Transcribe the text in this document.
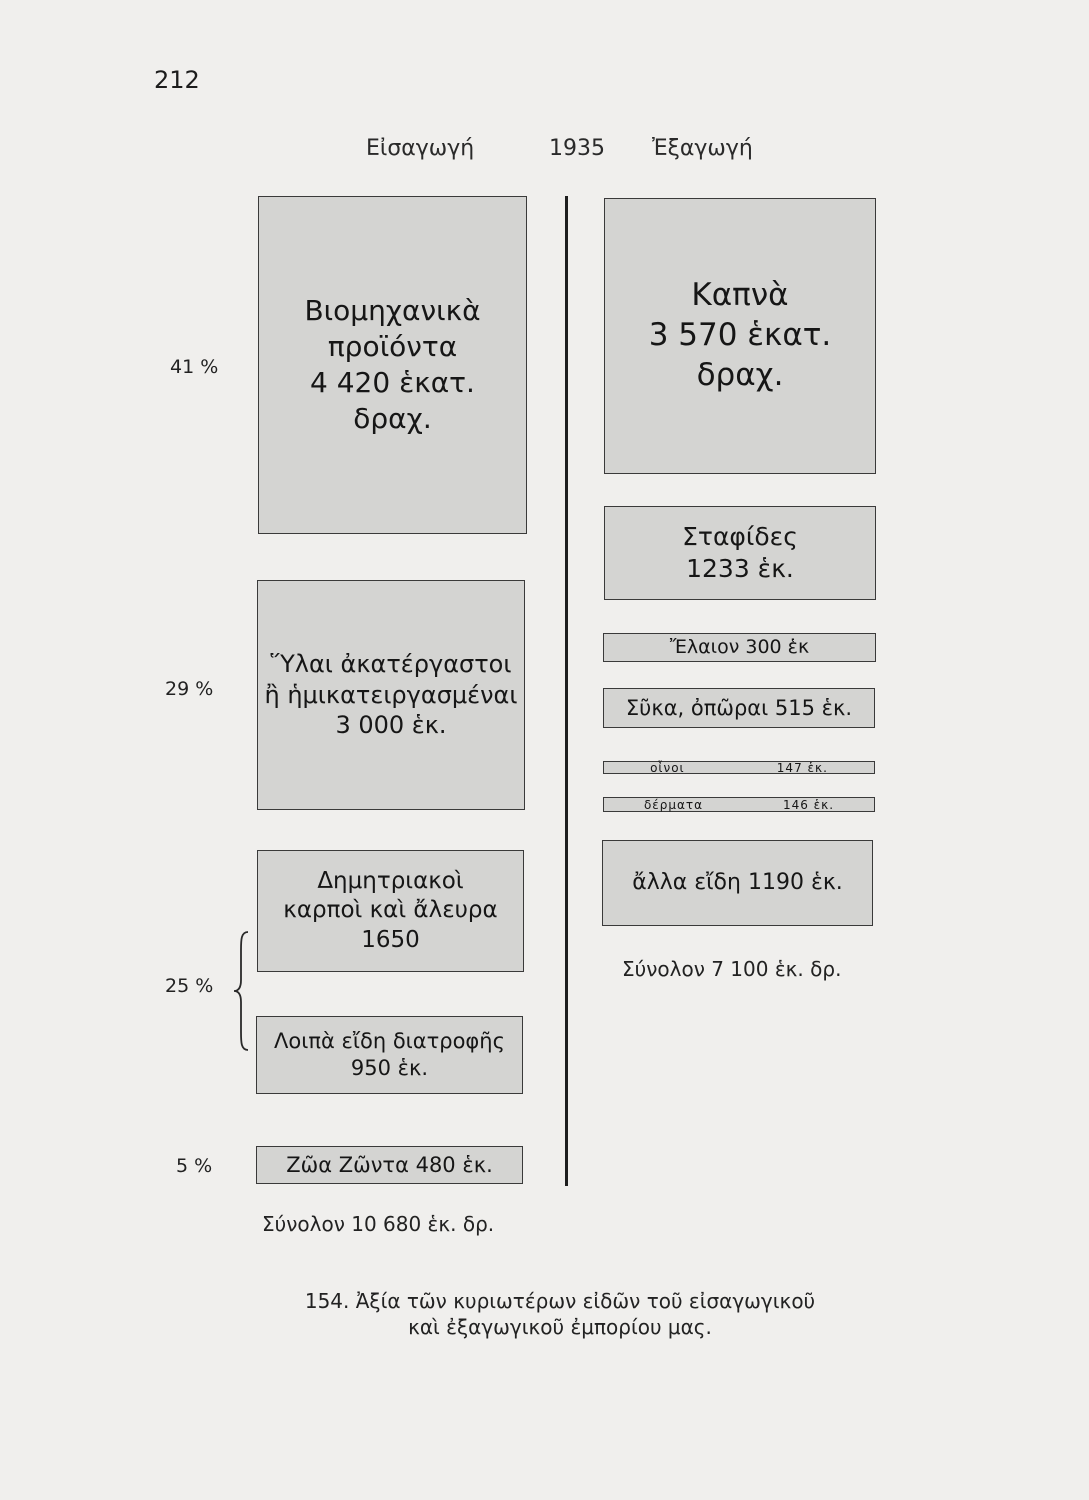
212
Εἰσαγωγή	1935 Ἐξαγωγή
Βιομηχανικὰ
προϊόντα
4 420 ἑκατ.
δραχ.
Ὕλαι ἀκατέργαστοι
ἢ ἡμικατειργασμέναι
3 000 ἑκ.
Δημητριακοὶ
καρποὶ καὶ ἄλευρα
1650
Λοιπὰ εἴδη διατροφῆς
950 ἑκ.
Ζῶα Ζῶντα 480 ἑκ.
41 %
29 %
25 %
5 %
Σύνολον 10 680 ἑκ. δρ.
Καπνὰ
3 570 ἑκατ.
δραχ.
Σταφίδες
1233 ἑκ.
Ἔλαιον 300 ἑκ
Σῦκα, ὀπῶραι 515 ἑκ.
οἶνοι	147 ἑκ.
δέρματα	146 ἑκ.
ἄλλα εἴδη 1190 ἑκ.
Σύνολον 7 100 ἑκ. δρ.
154. Ἀξία τῶν κυριωτέρων εἰδῶν τοῦ εἰσαγωγικοῦ
καὶ ἐξαγωγικοῦ ἐμπορίου μας.
